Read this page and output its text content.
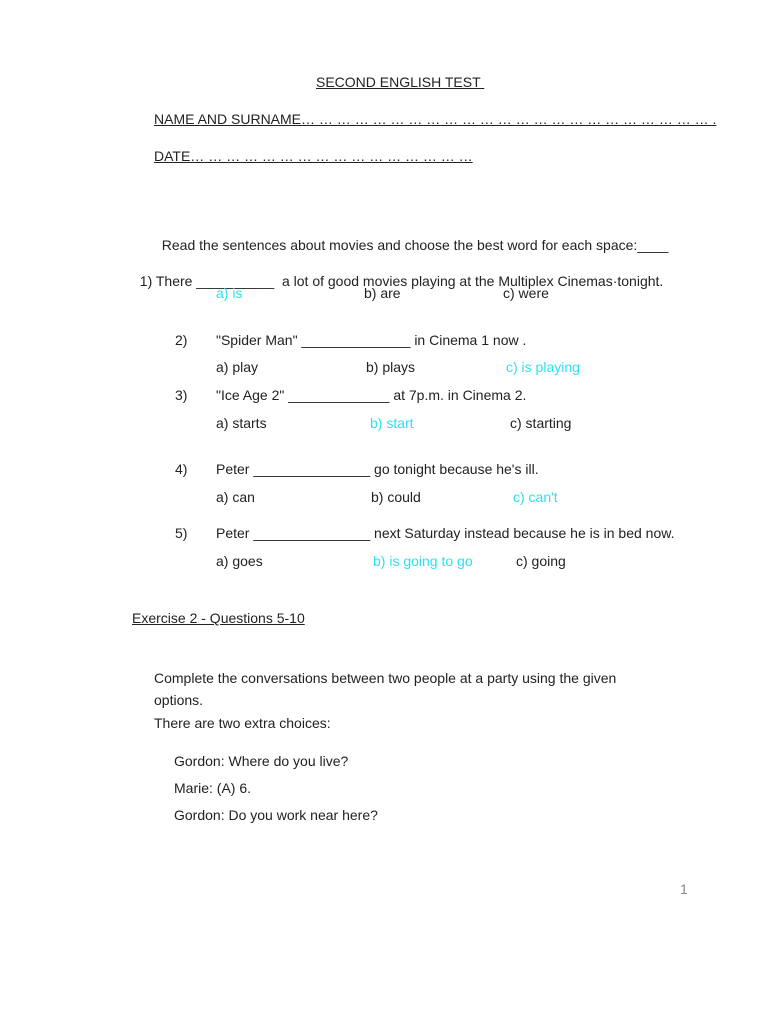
SECOND ENGLISH TEST
NAME AND SURNAME… … … … … … … … … … … … … … … … … … … … … … … .
DATE… … … … … … … … … … … … … … … …

Read the sentences about movies and choose the best word for each space:____

1) There __________  a lot of good movies playing at the Multiplex Cinemas·tonight.

a) is	b) are	c) were
2) "Spider Man" ______________ in Cinema 1 now .
a) play	b) plays	c) is playing
3) "Ice Age 2" _____________ at 7p.m. in Cinema 2.
a) starts	b) start	c) starting
4) Peter _______________ go tonight because he's ill.
a) can	b) could	c) can't
5) Peter _______________ next Saturday instead because he is in bed now.
a) goes	b) is going to go	c) going
Exercise 2 - Questions 5-10
Complete the conversations between two people at a party using the given
options.
There are two extra choices:
Gordon: Where do you live?
Marie: (A) 6.
Gordon: Do you work near here?
1
